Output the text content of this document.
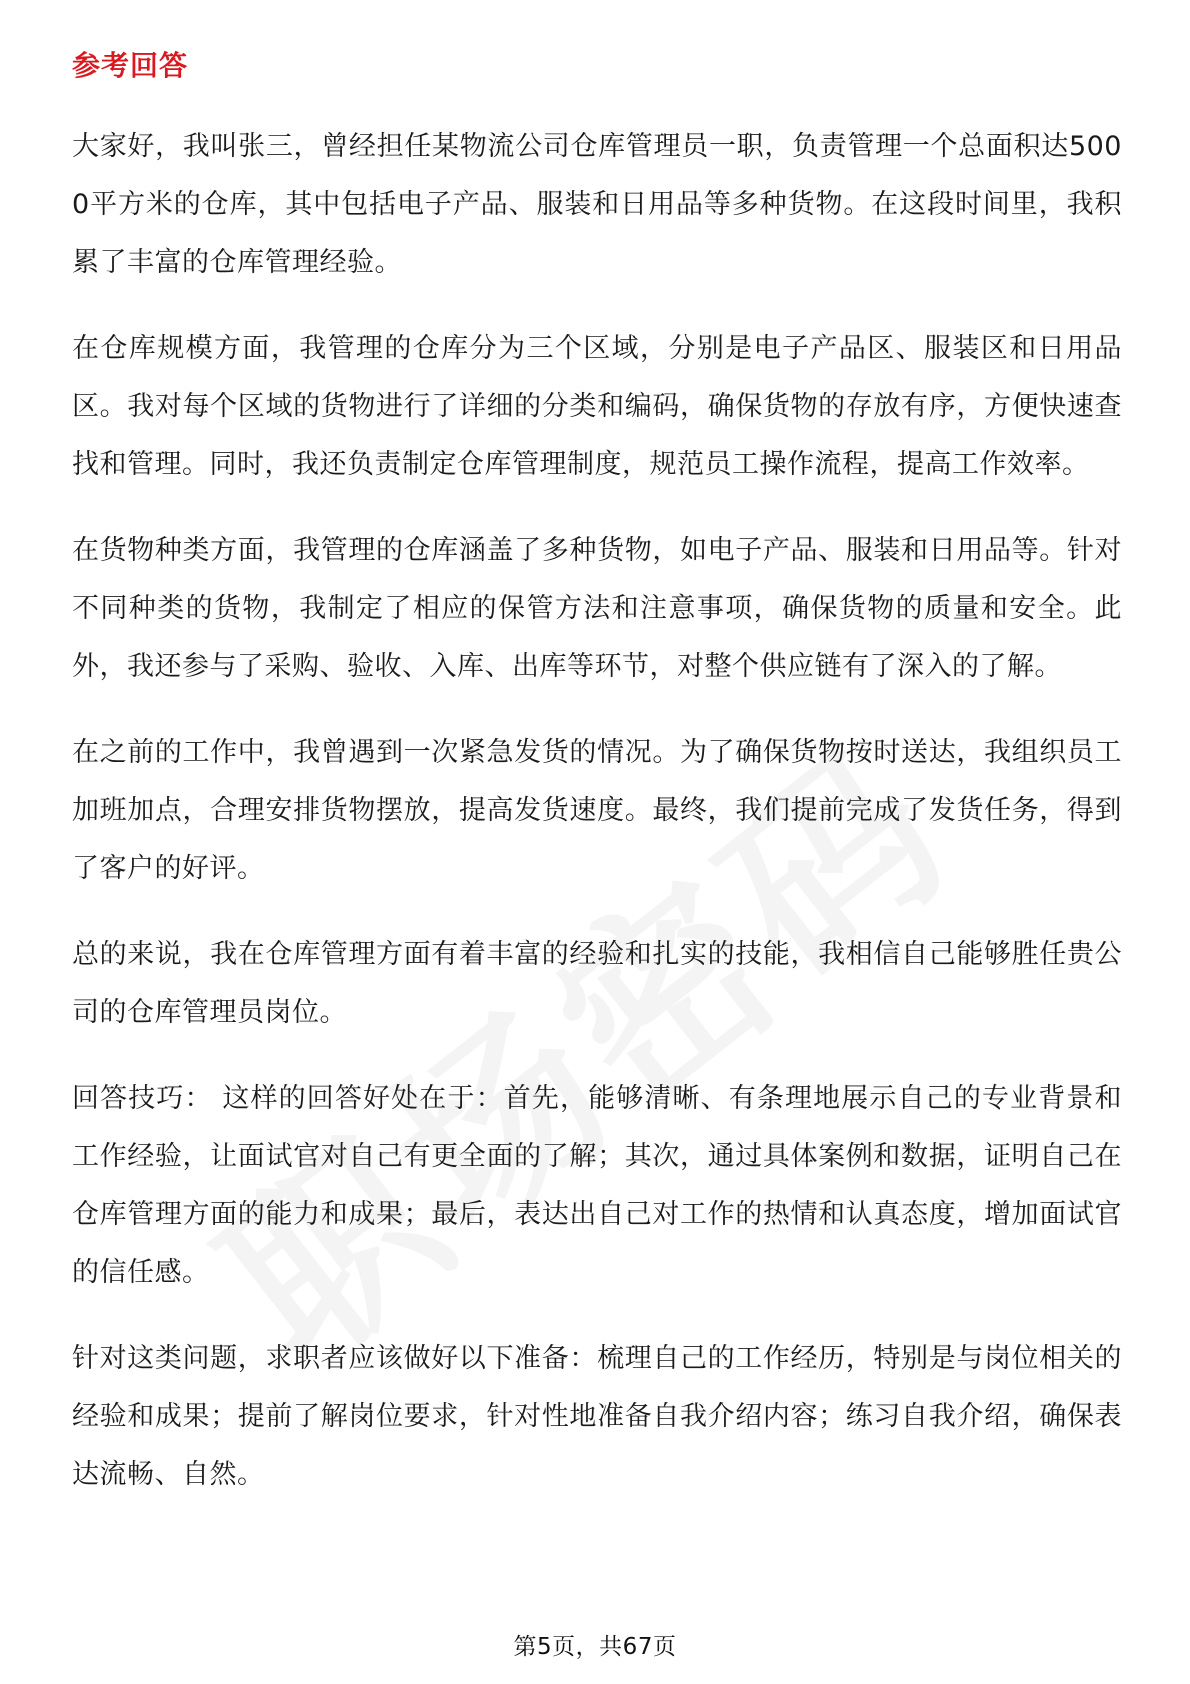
参考回答

大家好，我叫张三，曾经担任某物流公司仓库管理员一职，负责管理一个总面积达5000平方米的仓库，其中包括电子产品、服装和日用品等多种货物。在这段时间里，我积累了丰富的仓库管理经验。

在仓库规模方面，我管理的仓库分为三个区域，分别是电子产品区、服装区和日用品区。我对每个区域的货物进行了详细的分类和编码，确保货物的存放有序，方便快速查找和管理。同时，我还负责制定仓库管理制度，规范员工操作流程，提高工作效率。

在货物种类方面，我管理的仓库涵盖了多种货物，如电子产品、服装和日用品等。针对不同种类的货物，我制定了相应的保管方法和注意事项，确保货物的质量和安全。此外，我还参与了采购、验收、入库、出库等环节，对整个供应链有了深入的了解。

在之前的工作中，我曾遇到一次紧急发货的情况。为了确保货物按时送达，我组织员工加班加点，合理安排货物摆放，提高发货速度。最终，我们提前完成了发货任务，得到了客户的好评。

总的来说，我在仓库管理方面有着丰富的经验和扎实的技能，我相信自己能够胜任贵公司的仓库管理员岗位。

回答技巧： 这样的回答好处在于：首先，能够清晰、有条理地展示自己的专业背景和工作经验，让面试官对自己有更全面的了解；其次，通过具体案例和数据，证明自己在仓库管理方面的能力和成果；最后，表达出自己对工作的热情和认真态度，增加面试官的信任感。

针对这类问题，求职者应该做好以下准备：梳理自己的工作经历，特别是与岗位相关的经验和成果；提前了解岗位要求，针对性地准备自我介绍内容；练习自我介绍，确保表达流畅、自然。

第5页，共67页
